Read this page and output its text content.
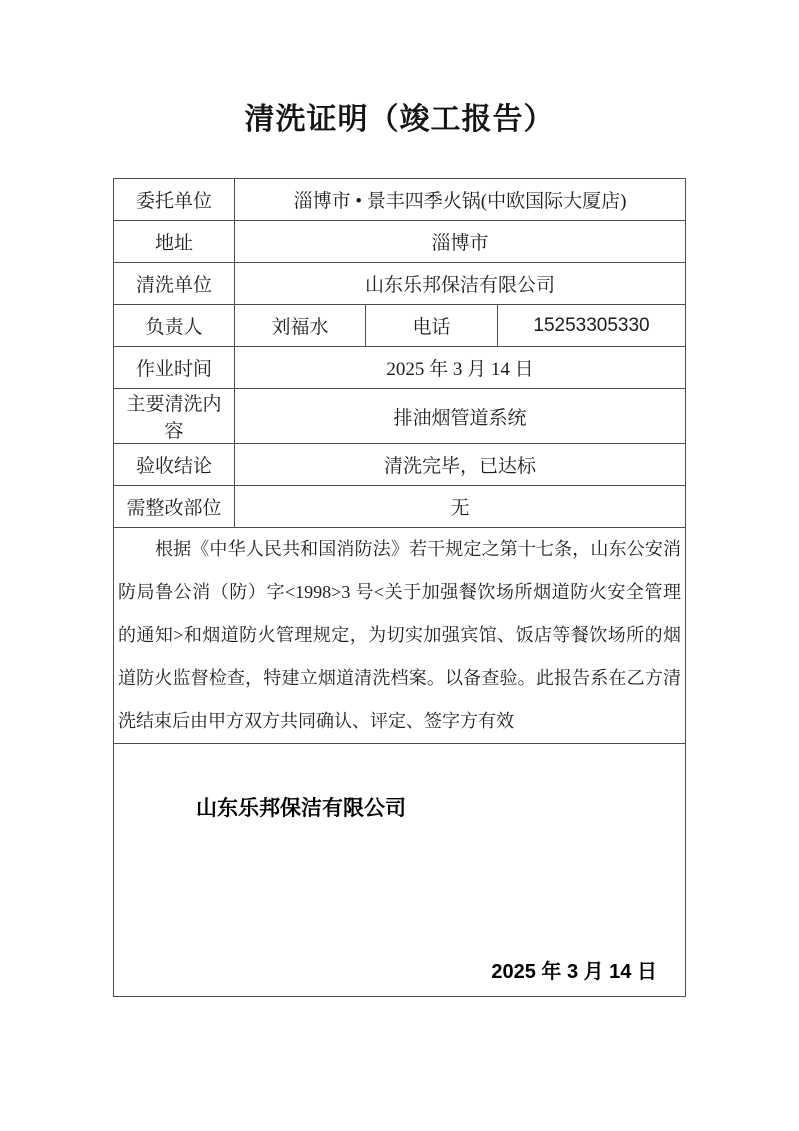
清洗证明（竣工报告）
委托单位	淄博市 • 景丰四季火锅(中欧国际大厦店)		
地址	淄博市		
清洗单位	山东乐邦保洁有限公司		
负责人	刘福水	电话	15253305330
作业时间	2025 年 3 月 14 日		
主要清洗内容	排油烟管道系统		
验收结论	清洗完毕，已达标		
需整改部位	无		

根据《中华人民共和国消防法》若干规定之第十七条，山东公安消
防局鲁公消（防）字<1998>3 号<关于加强餐饮场所烟道防火安全管理
的通知>和烟道防火管理规定，为切实加强宾馆、饭店等餐饮场所的烟
道防火监督检查，特建立烟道清洗档案。以备查验。此报告系在乙方清
洗结束后由甲方双方共同确认、评定、签字方有效			

山东乐邦保洁有限公司
2025 年 3 月 14 日			
